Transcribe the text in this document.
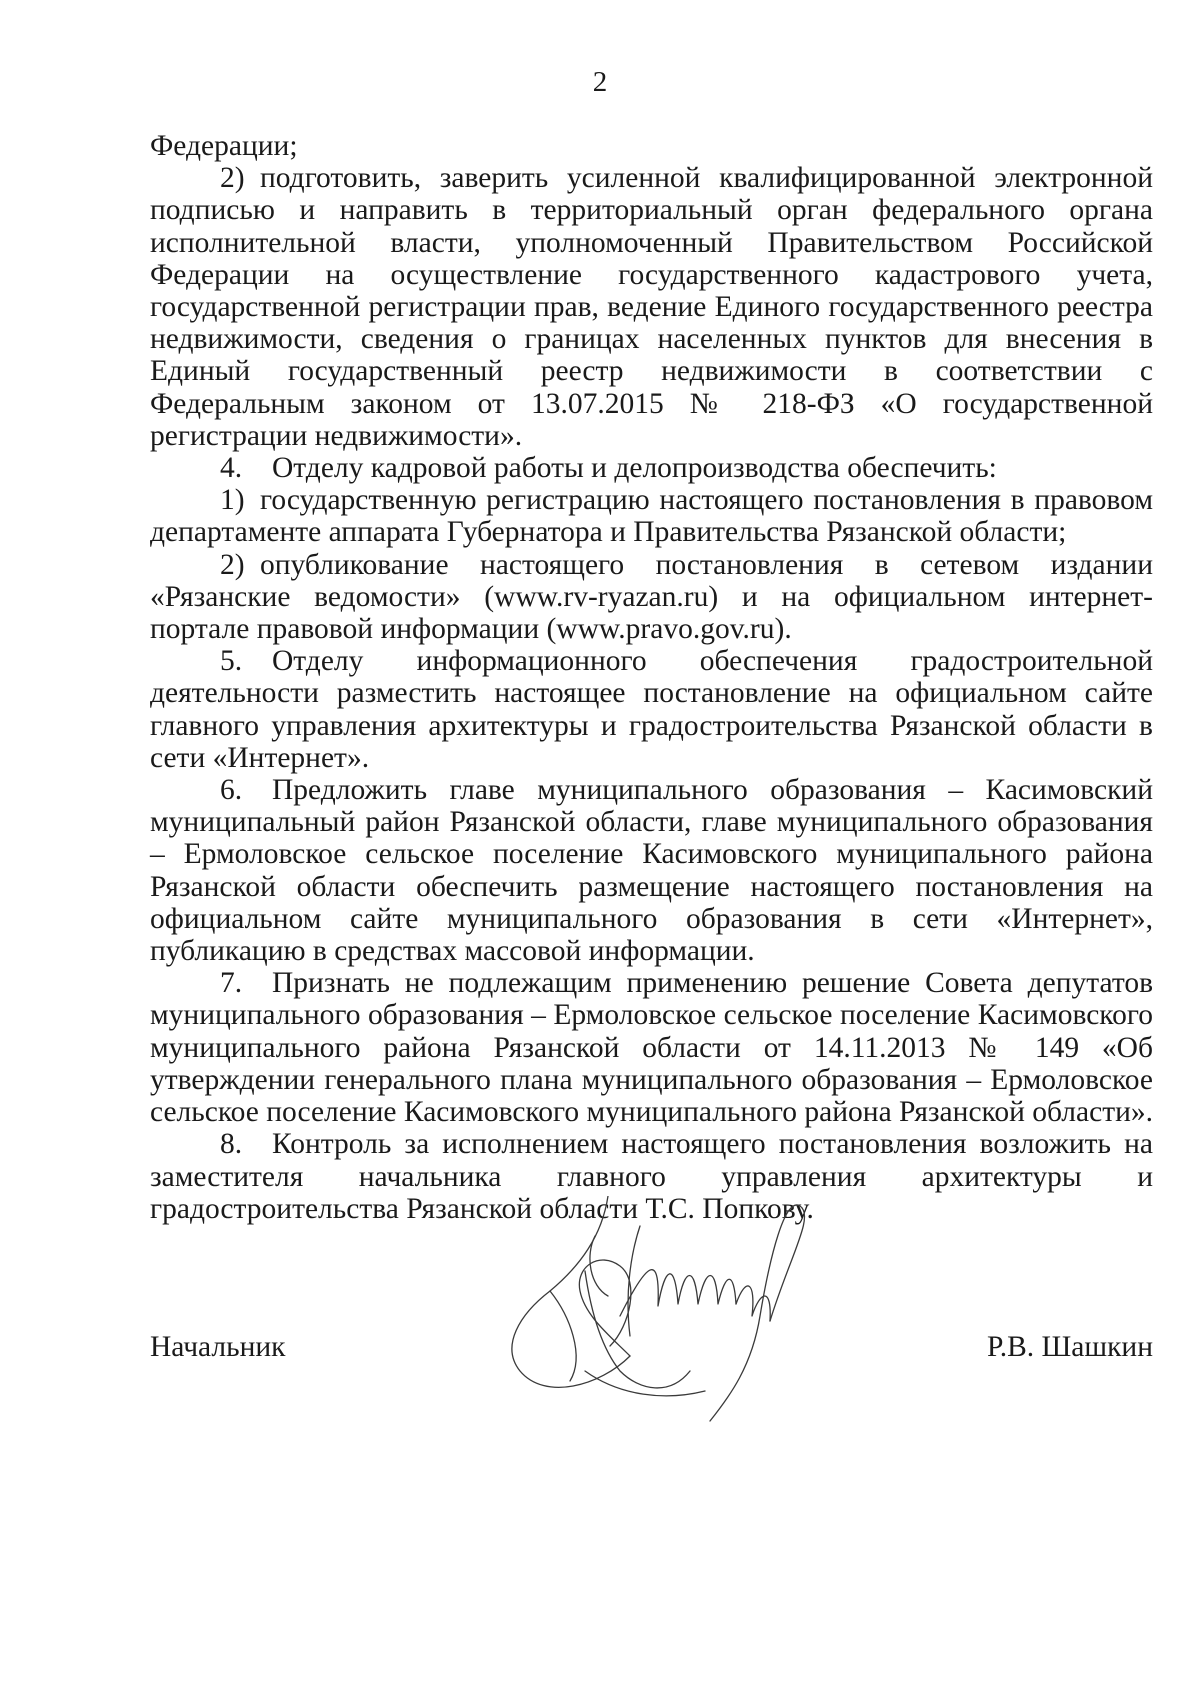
2

Федерации;

2) подготовить, заверить усиленной квалифицированной электронной подписью и направить в территориальный орган федерального органа исполнительной власти, уполномоченный Правительством Российской Федерации на осуществление государственного кадастрового учета, государственной регистрации прав, ведение Единого государственного реестра недвижимости, сведения о границах населенных пунктов для внесения в Единый государственный реестр недвижимости в соответствии с Федеральным законом от 13.07.2015 № 218-ФЗ «О государственной регистрации недвижимости».

4. Отделу кадровой работы и делопроизводства обеспечить:

1) государственную регистрацию настоящего постановления в правовом департаменте аппарата Губернатора и Правительства Рязанской области;

2) опубликование настоящего постановления в сетевом издании «Рязанские ведомости» (www.rv-ryazan.ru) и на официальном интернет-портале правовой информации (www.pravo.gov.ru).

5. Отделу информационного обеспечения градостроительной деятельности разместить настоящее постановление на официальном сайте главного управления архитектуры и градостроительства Рязанской области в сети «Интернет».

6. Предложить главе муниципального образования – Касимовский муниципальный район Рязанской области, главе муниципального образования – Ермоловское сельское поселение Касимовского муниципального района Рязанской области обеспечить размещение настоящего постановления на официальном сайте муниципального образования в сети «Интернет», публикацию в средствах массовой информации.

7. Признать не подлежащим применению решение Совета депутатов муниципального образования – Ермоловское сельское поселение Касимовского муниципального района Рязанской области от 14.11.2013 № 149 «Об утверждении генерального плана муниципального образования – Ермоловское сельское поселение Касимовского муниципального района Рязанской области».

8. Контроль за исполнением настоящего постановления возложить на заместителя начальника главного управления архитектуры и градостроительства Рязанской области Т.С. Попкову.

Начальник	Р.В. Шашкин
